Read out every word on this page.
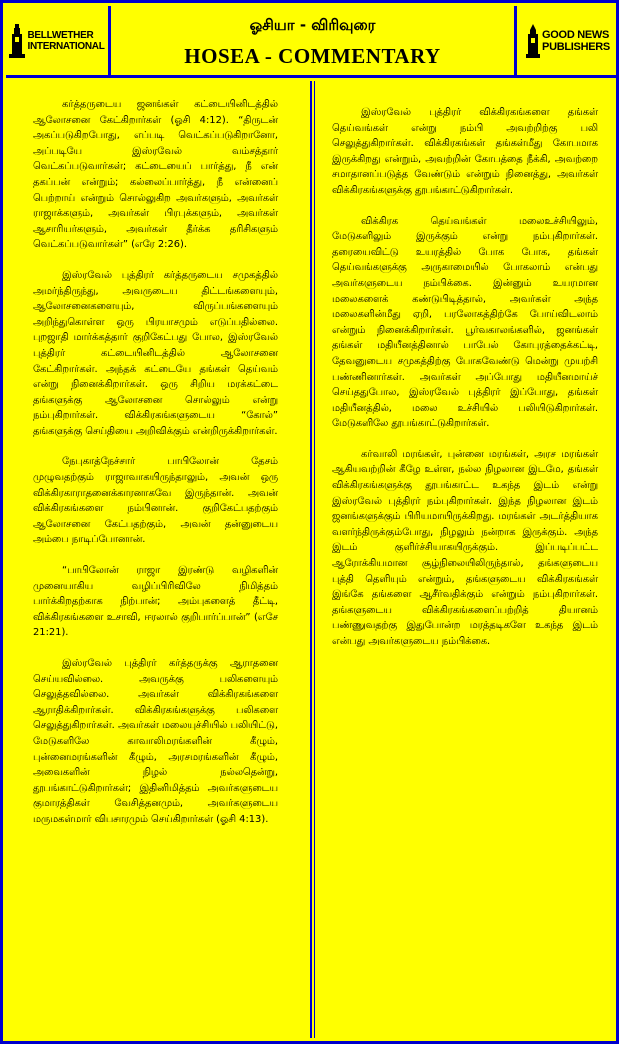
BELLWETHER
INTERNATIONAL
ஓசியா - விரிவுரை
HOSEA - COMMENTARY
GOOD NEWS
PUBLISHERS

கர்த்தருடைய ஜனங்கள் கட்டையினிடத்தில் ஆலோசனை கேட்கிறார்கள் (ஓசி 4:12). “திருடன் அகப்படுகிறபோது, எப்படி வெட்கப்படுகிறானோ, அப்படியே இஸ்ரவேல் வம்சத்தார் வெட்கப்படுவார்கள்; கட்டையைப் பார்த்து, நீ என் தகப்பன் என்றும்; கல்லைப்பார்த்து, நீ என்னைப் பெற்றாய் என்றும் சொல்லுகிற அவர்களும், அவர்கள் ராஜாக்களும், அவர்கள் பிரபுக்களும், அவர்கள் ஆசாரியர்களும், அவர்கள் தீர்க்க தரிசிகளும் வெட்கப்படுவார்கள்” (எரே 2:26).

இஸ்ரவேல் புத்திரர் கர்த்தருடைய சமுகத்தில் அமர்ந்திருந்து, அவருடைய திட்டங்களையும், ஆலோசனைகளையும், விருப்பங்களையும் அறிந்துகொள்ள ஒரு பிரயாசமும் எடுப்பதில்லை. புறஜாதி மார்க்கத்தார் குறிகேட்பது போல, இஸ்ரவேல் புத்திரர் கட்டையினிடத்தில் ஆலோசனை கேட்கிறார்கள். அந்தக் கட்டையே தங்கள் தெய்வம் என்று நினைக்கிறார்கள். ஒரு சிறிய மரக்கட்டை தங்களுக்கு ஆலோசனை சொல்லும் என்று நம்புகிறார்கள். விக்கிரகங்களுடைய “கோல்” தங்களுக்கு செய்தியை அறிவிக்கும் என்றிருக்கிறார்கள்.

நேபுகாத்நேச்சார் பாபிலோன் தேசம் முழுவதற்கும் ராஜாவாகயிருந்தாலும், அவன் ஒரு விக்கிரகாராதனைக்காரனாகவே இருந்தான். அவன் விக்கிரகங்களை நம்பினான். குறிகேட்பதற்கும் ஆலோசனை கேட்பதற்கும், அவன் தன்னுடைய அம்பை நாடிப்போனான்.

“பாபிலோன் ராஜா இரண்டு வழிகளின் முனையாகிய வழிப்பிரிவிலே நிமித்தம் பார்க்கிறதற்காக நிற்பான்; அம்புகளைத் தீட்டி, விக்கிரகங்களை உசாவி, ஈரலால் குறிபார்ப்பான்” (எசே 21:21).

இஸ்ரவேல் புத்திரர் கர்த்தருக்கு ஆராதனை செய்யவில்லை. அவருக்கு பலிகளையும் செலுத்தவில்லை. அவர்கள் விக்கிரகங்களை ஆராதிக்கிறார்கள். விக்கிரகங்களுக்கு பலிகளை செலுத்துகிறார்கள். அவர்கள் மலையுச்சியில் பலியிட்டு, மேடுகளிலே காவாலிமரங்களின் கீழும், புன்னைமரங்களின் கீழும், அரசமரங்களின் கீழும், அவைகளின் நிழல் நல்லதென்று, தூபங்காட்டுகிறார்கள்; இதினிமித்தம் அவர்களுடைய குமாரத்திகள் வேசித்தனமும், அவர்களுடைய மருமகள்மார் விபசாரமும் செய்கிறார்கள் (ஓசி 4:13).

இஸ்ரவேல் புத்திரர் விக்கிரகங்களை தங்கள் தெய்வங்கள் என்று நம்பி அவற்றிற்கு பலி செலுத்துகிறார்கள். விக்கிரகங்கள் தங்கள்மீது கோபமாக இருக்கிறது என்றும், அவற்றின் கோபத்தை நீக்கி, அவற்றை சமாதானப்படுத்த வேண்டும் என்றும் நினைத்து, அவர்கள் விக்கிரகங்களுக்கு தூபங்காட்டுகிறார்கள்.

விக்கிரக தெய்வங்கள் மலைஉச்சியிலும், மேடுகளிலும் இருக்கும் என்று நம்புகிறார்கள். தரையைவிட்டு உயரத்தில் போக போக, தங்கள் தெய்வங்களுக்கு அருகாமையில் போகலாம் என்பது அவர்களுடைய நம்பிக்கை. இன்னும் உயரமான மலைகளைக் கண்டுபிடித்தால், அவர்கள் அந்த மலைகளின்மீது ஏறி, பரலோகத்திற்கே போய்விடலாம் என்றும் நினைக்கிறார்கள். பூர்வகாலங்களில், ஜனங்கள் தங்கள் மதியீனத்தினால் பாபேல் கோபுரத்தைக்கட்டி, தேவனுடைய சமுகத்திற்கு போகவேண்டு மென்று முயற்சி பண்ணினார்கள். அவர்கள் அப்போது மதியீனமாய்ச் செய்ததுபோல, இஸ்ரவேல் புத்திரர் இப்போது, தங்கள் மதியீனத்தில், மலை உச்சியில் பலியிடுகிறார்கள். மேடுகளிலே தூபங்காட்டுகிறார்கள்.

கர்வாலி மரங்கள், புன்னை மரங்கள், அரச மரங்கள் ஆகியவற்றின் கீழே உள்ள, நல்ல நிழலான இடமே, தங்கள் விக்கிரகங்களுக்கு தூபங்காட்ட உகந்த இடம் என்று இஸ்ரவேல் புத்திரர் நம்புகிறார்கள். இந்த நிழலான இடம் ஜனங்களுக்கும் பிரியமாயிருக்கிறது. மரங்கள் அடர்த்தியாக வளர்ந்திருக்கும்போது, நிழலும் நன்றாக இருக்கும். அந்த இடம் குளிர்ச்சியாகயிருக்கும். இப்படிப்பட்ட ஆரோக்கியமான சூழ்நிலையிலிருந்தால், தங்களுடைய புத்தி தெளியும் என்றும், தங்களுடைய விக்கிரகங்கள் இங்கே தங்களை ஆசீர்வதிக்கும் என்றும் நம்புகிறார்கள். தங்களுடைய விக்கிரகங்களைப்பற்றித் தியானம் பண்ணுவதற்கு இதுபோன்ற மரத்தடிகளே உகந்த இடம் என்பது அவர்களுடைய நம்பிக்கை.
